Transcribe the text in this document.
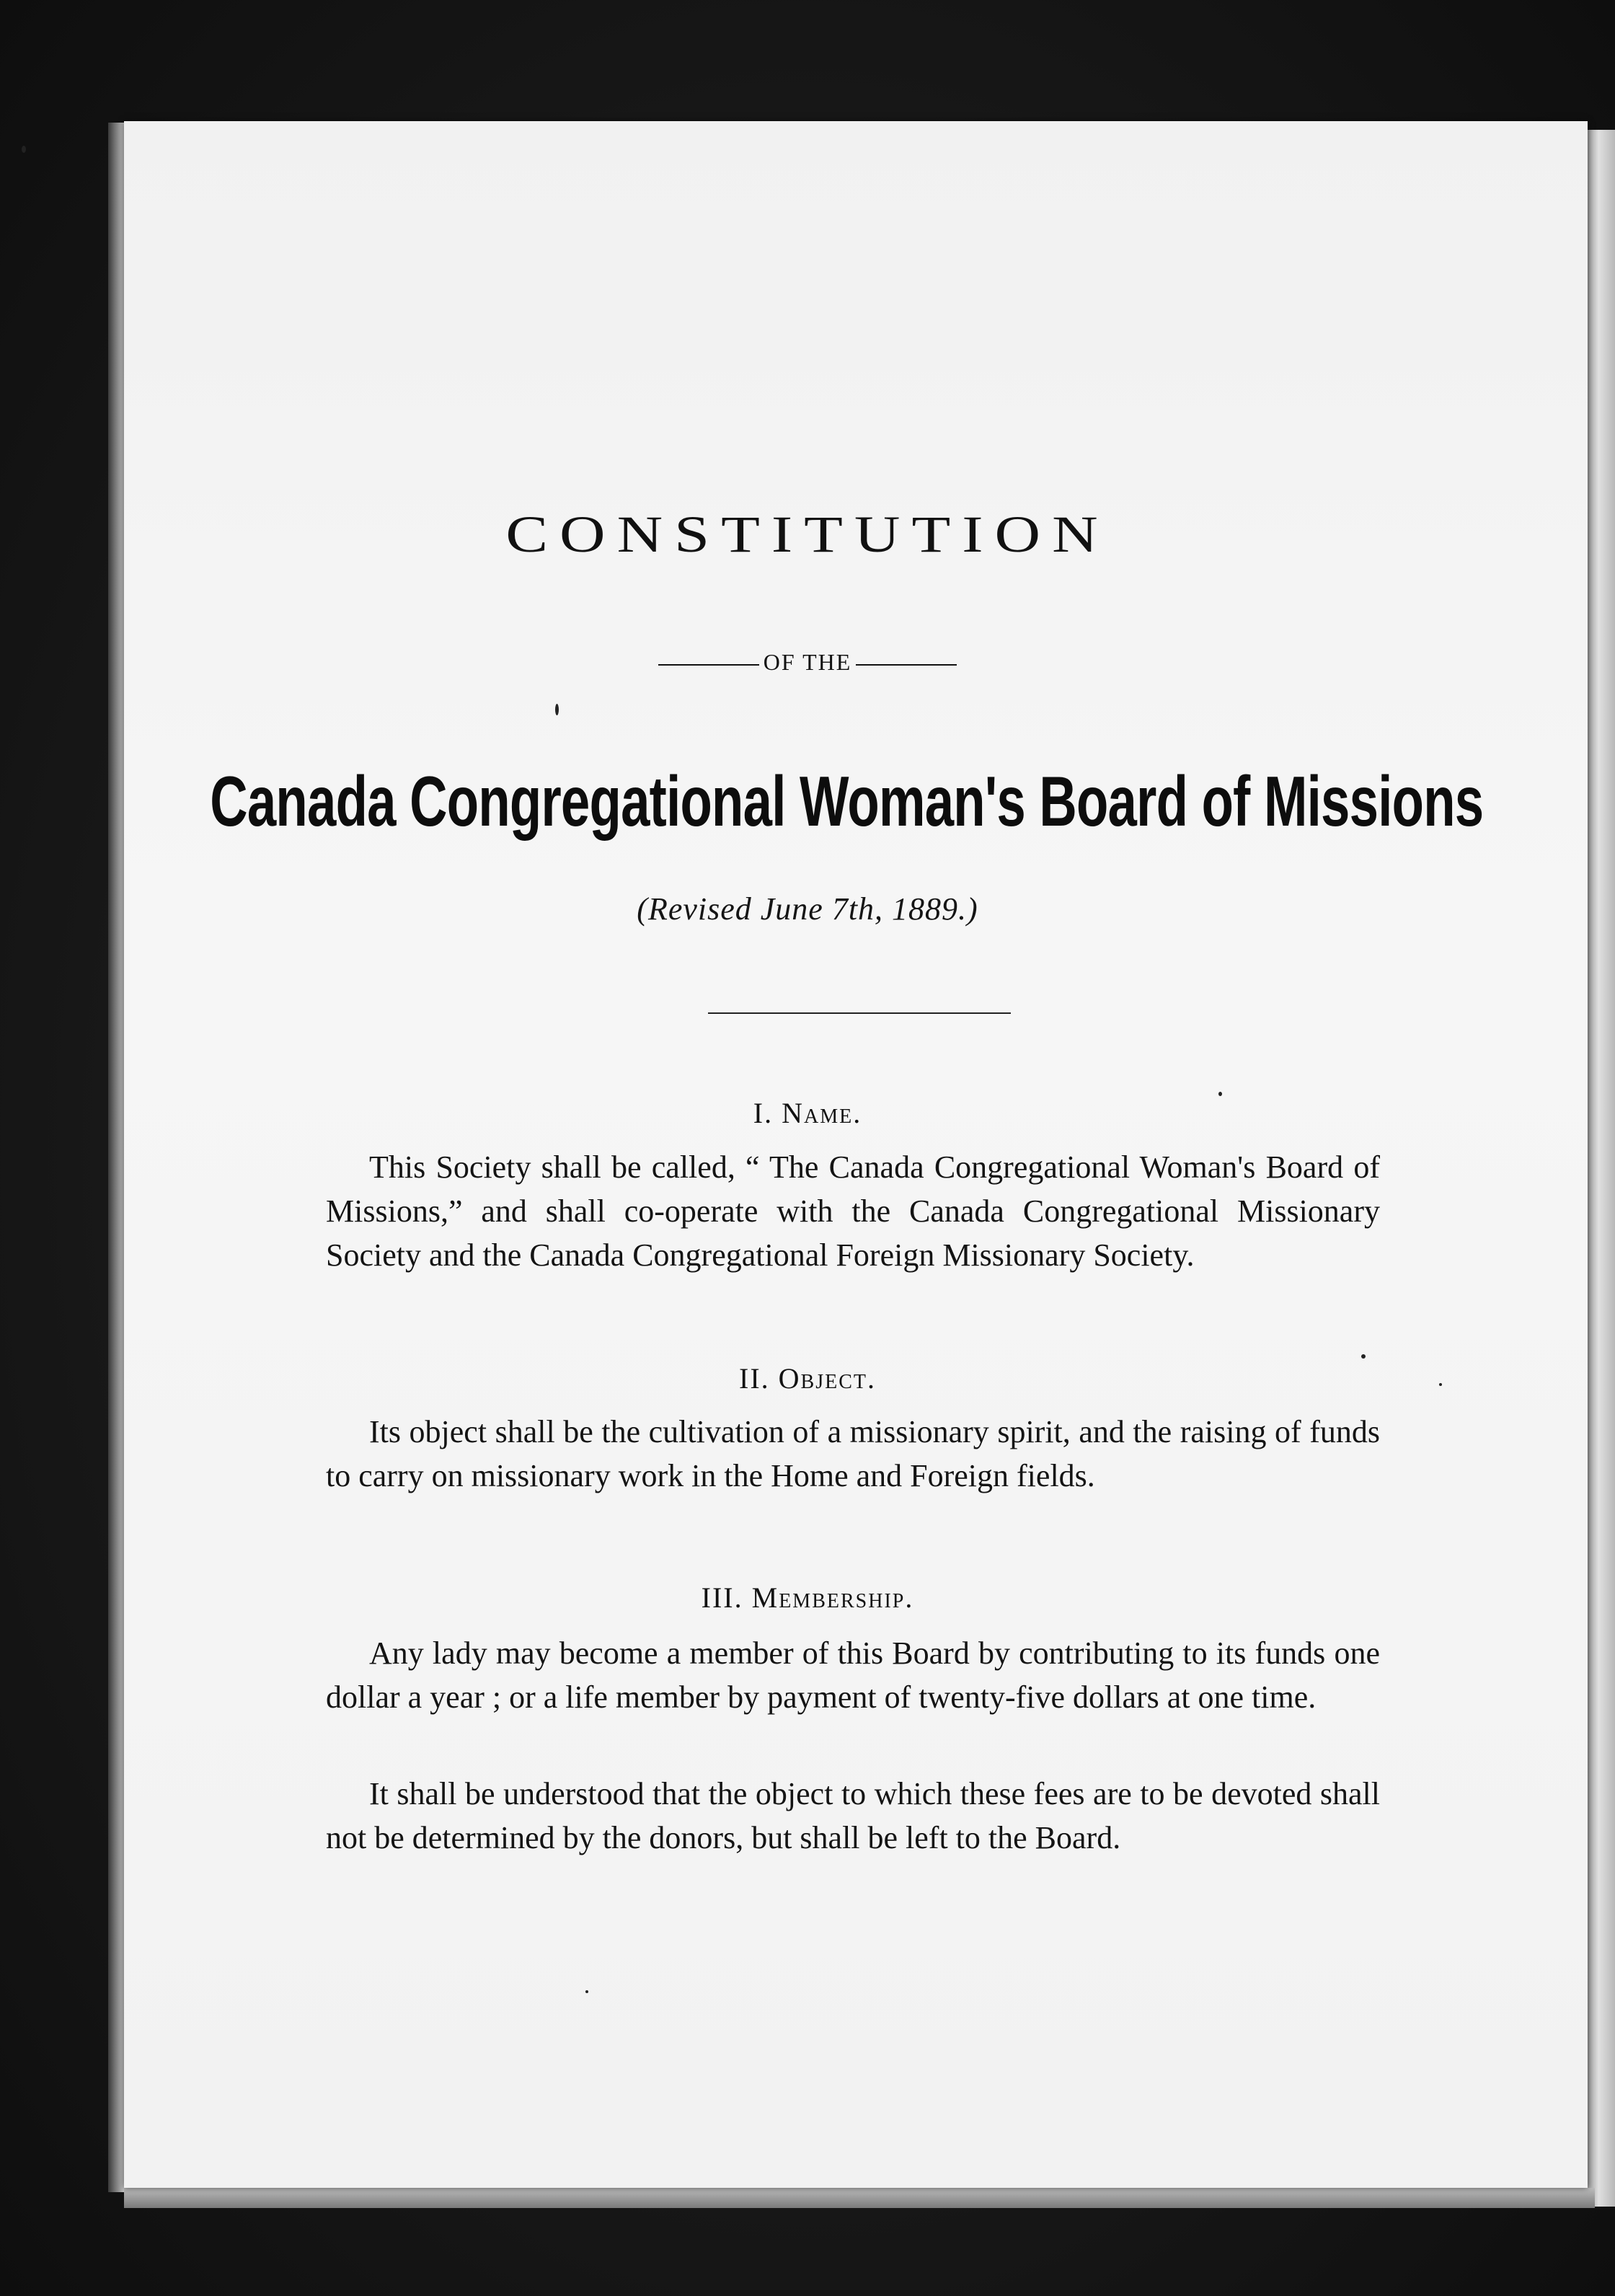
CONSTITUTION
OF THE
Canada Congregational Woman's Board of Missions
(Revised June 7th, 1889.)
I. Name.
This Society shall be called, “ The Canada Congregational Woman's Board of Missions,” and shall co-operate with the Canada Congregational Missionary Society and the Canada Congregational Foreign Missionary Society.
II. Object.
Its object shall be the cultivation of a missionary spirit, and the raising of funds to carry on missionary work in the Home and Foreign fields.
III. Membership.
Any lady may become a member of this Board by contributing to its funds one dollar a year ; or a life member by payment of twenty-five dollars at one time.
It shall be understood that the object to which these fees are to be devoted shall not be determined by the donors, but shall be left to the Board.
